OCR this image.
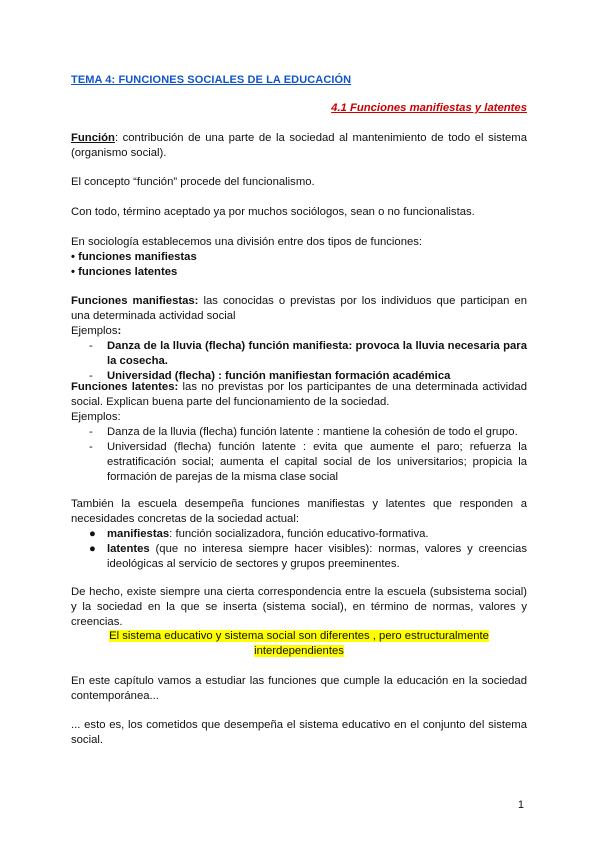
TEMA 4: FUNCIONES SOCIALES DE LA EDUCACIÓN
4.1 Funciones manifiestas y latentes
Función: contribución de una parte de la sociedad al mantenimiento de todo el sistema (organismo social).
El concepto “función” procede del funcionalismo.
Con todo, término aceptado ya por muchos sociólogos, sean o no funcionalistas.
En sociología establecemos una división entre dos tipos de funciones:
• funciones manifiestas
• funciones latentes
Funciones manifiestas: las conocidas o previstas por los individuos que participan en una determinada actividad social
Ejemplos:
- Danza de la lluvia (flecha) función manifiesta: provoca la lluvia necesaria para la cosecha.
- Universidad (flecha) : función manifiestan formación académica
Funciones latentes: las no previstas por los participantes de una determinada actividad social. Explican buena parte del funcionamiento de la sociedad.
Ejemplos:
- Danza de la lluvia (flecha) función latente : mantiene la cohesión de todo el grupo.
- Universidad (flecha) función latente : evita que aumente el paro; refuerza la estratificación social; aumenta el capital social de los universitarios; propicia la formación de parejas de la misma clase social
También la escuela desempeña funciones manifiestas y latentes que responden a necesidades concretas de la sociedad actual:
● manifiestas: función socializadora, función educativo-formativa.
● latentes (que no interesa siempre hacer visibles): normas, valores y creencias ideológicas al servicio de sectores y grupos preeminentes.
De hecho, existe siempre una cierta correspondencia entre la escuela (subsistema social) y la sociedad en la que se inserta (sistema social), en término de normas, valores y creencias.
El sistema educativo y sistema social son diferentes , pero estructuralmente
interdependientes
En este capítulo vamos a estudiar las funciones que cumple la educación en la sociedad contemporánea...
... esto es, los cometidos que desempeña el sistema educativo en el conjunto del sistema social.
1
